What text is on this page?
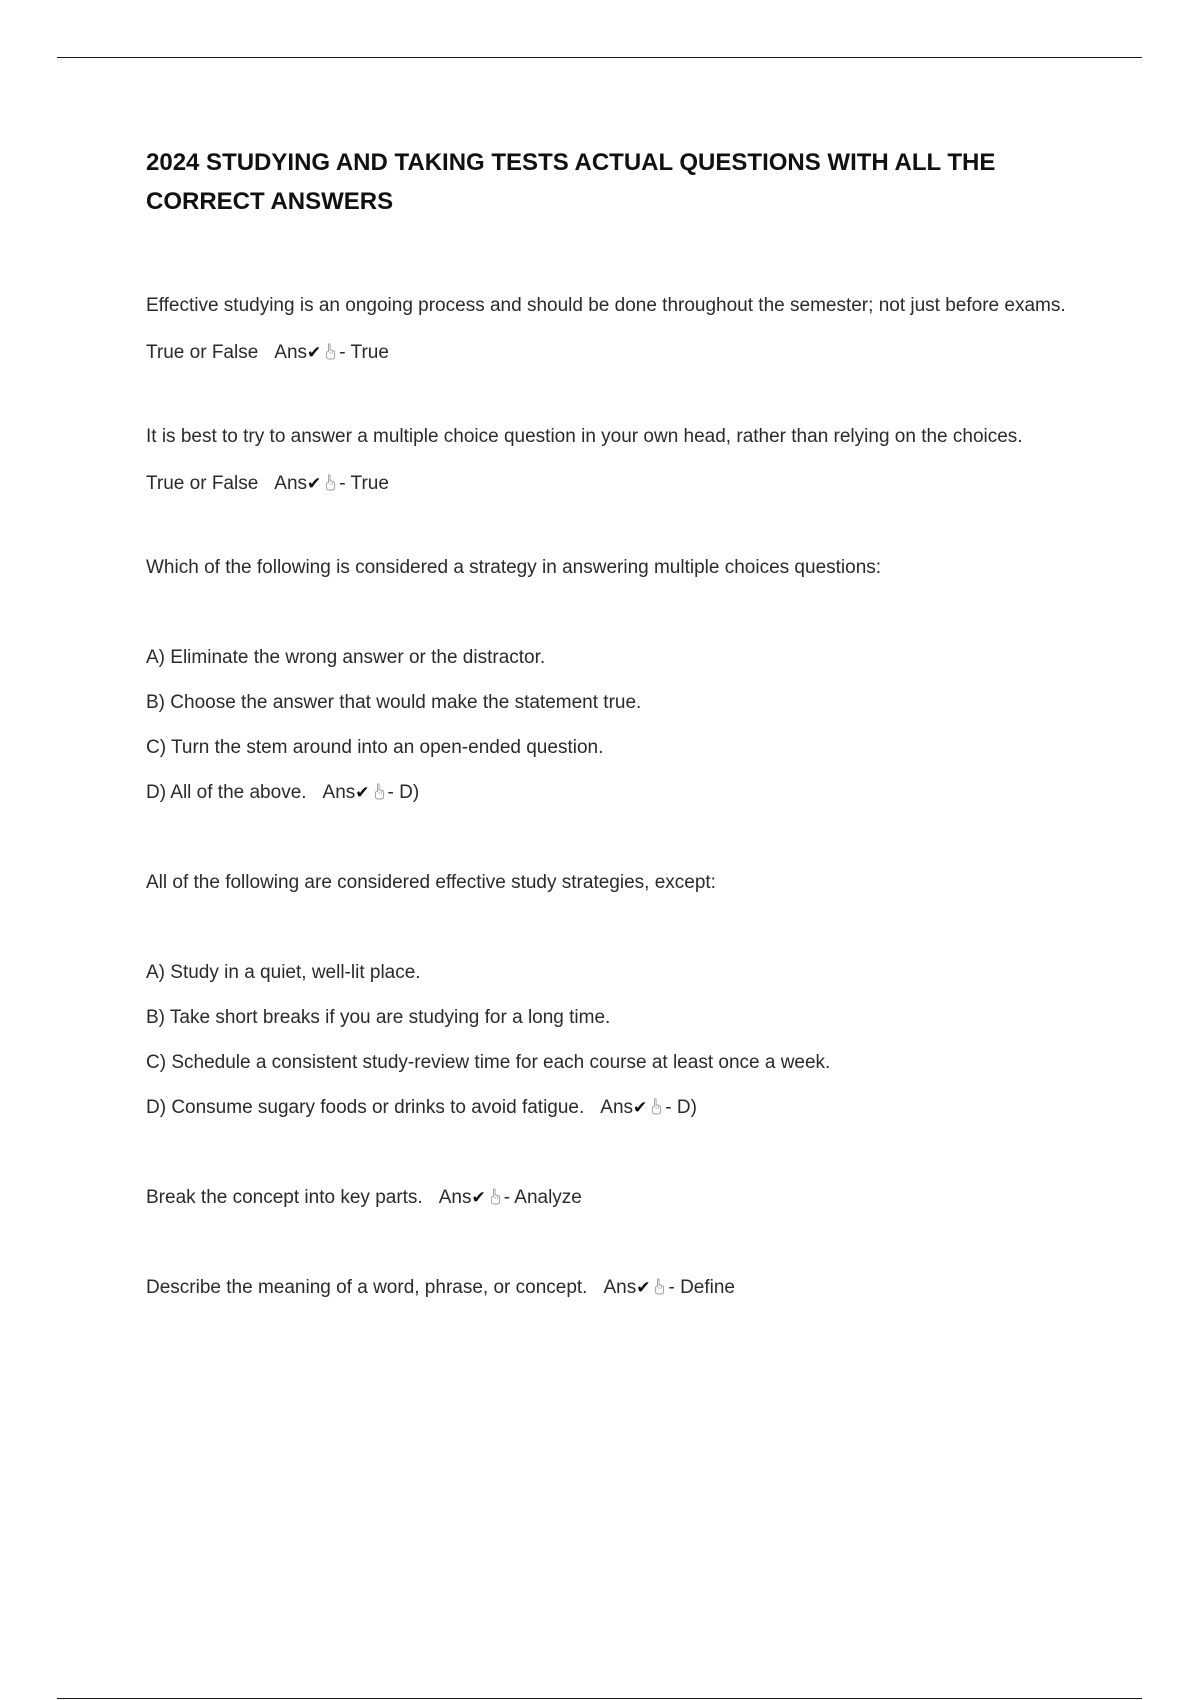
2024 STUDYING AND TAKING TESTS ACTUAL QUESTIONS WITH ALL THE CORRECT ANSWERS

Effective studying is an ongoing process and should be done throughout the semester; not just before exams.

True or False Ans✔ - True

It is best to try to answer a multiple choice question in your own head, rather than relying on the choices.

True or False Ans✔ - True

Which of the following is considered a strategy in answering multiple choices questions:

A) Eliminate the wrong answer or the distractor.

B) Choose the answer that would make the statement true.

C) Turn the stem around into an open-ended question.

D) All of the above. Ans✔ - D)

All of the following are considered effective study strategies, except:

A) Study in a quiet, well-lit place.

B) Take short breaks if you are studying for a long time.

C) Schedule a consistent study-review time for each course at least once a week.

D) Consume sugary foods or drinks to avoid fatigue. Ans✔ - D)

Break the concept into key parts. Ans✔ - Analyze

Describe the meaning of a word, phrase, or concept. Ans✔ - Define
